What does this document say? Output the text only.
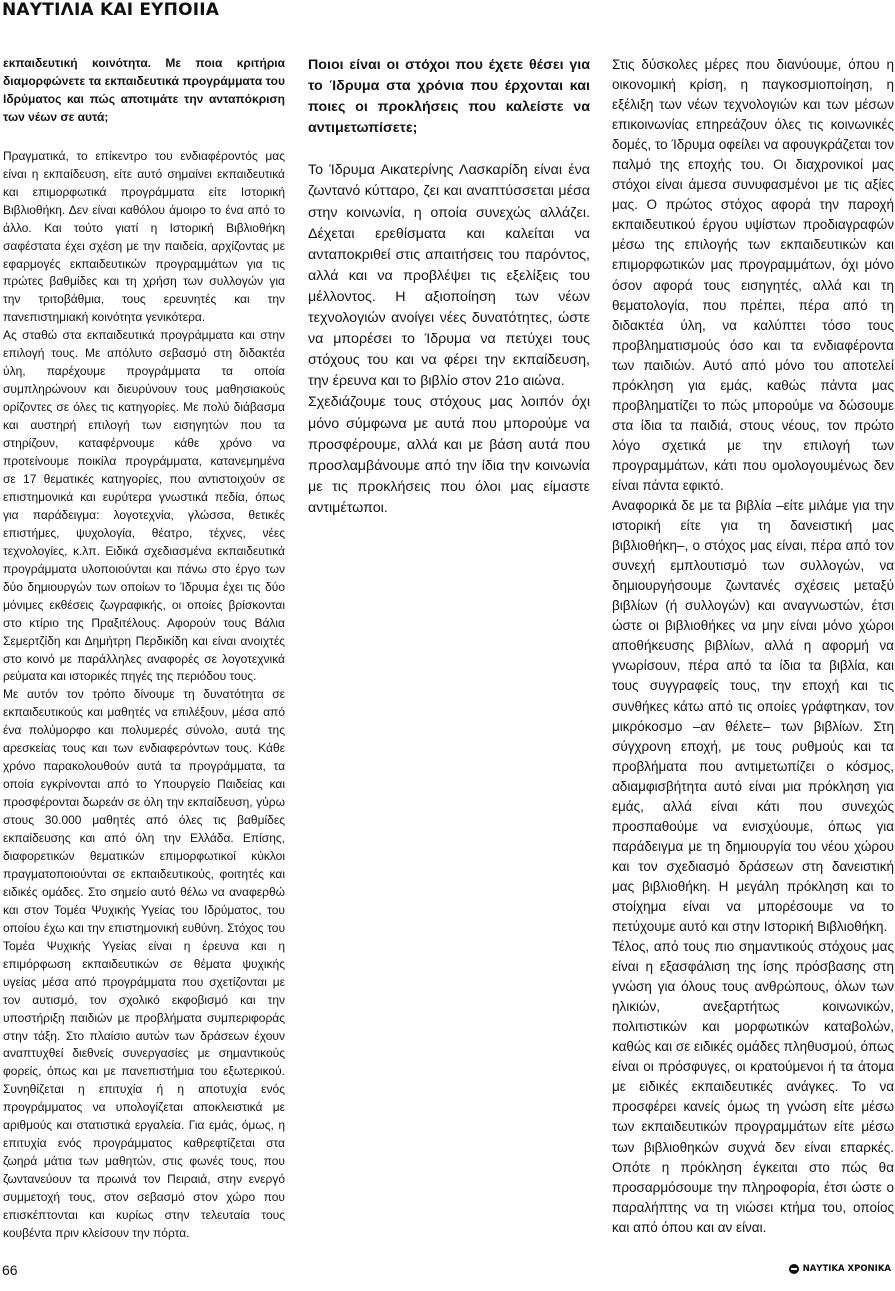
ΝΑΥΤΙΛΙΑ ΚΑΙ ΕΥΠΟΙΙΑ

εκπαιδευτική κοινότητα. Με ποια κριτήρια διαμορφώνετε τα εκπαιδευτικά προγράμματα του Ιδρύματος και πώς αποτιμάτε την ανταπόκριση των νέων σε αυτά;

Πραγματικά, το επίκεντρο του ενδιαφέροντός μας είναι η εκπαίδευση, είτε αυτό σημαίνει εκπαιδευτικά και επιμορφωτικά προγράμματα είτε Ιστορική Βιβλιοθήκη. Δεν είναι καθόλου άμοιρο το ένα από το άλλο. Και τούτο γιατί η Ιστορική Βιβλιοθήκη σαφέστατα έχει σχέση με την παιδεία, αρχίζοντας με εφαρμογές εκπαιδευτικών προγραμμάτων για τις πρώτες βαθμίδες και τη χρήση των συλλογών για την τριτοβάθμια, τους ερευνητές και την πανεπιστημιακή κοινότητα γενικότερα.

Ας σταθώ στα εκπαιδευτικά προγράμματα και στην επιλογή τους. Με απόλυτο σεβασμό στη διδακτέα ύλη, παρέχουμε προγράμματα τα οποία συμπληρώνουν και διευρύνουν τους μαθησιακούς ορίζοντες σε όλες τις κατηγορίες. Με πολύ διάβασμα και αυστηρή επιλογή των εισηγητών που τα στηρίζουν, καταφέρνουμε κάθε χρόνο να προτείνουμε ποικίλα προγράμματα, κατανεμημένα σε 17 θεματικές κατηγορίες, που αντιστοιχούν σε επιστημονικά και ευρύτερα γνωστικά πεδία, όπως για παράδειγμα: λογοτεχνία, γλώσσα, θετικές επιστήμες, ψυχολογία, θέατρο, τέχνες, νέες τεχνολογίες, κ.λπ. Ειδικά σχεδιασμένα εκπαιδευτικά προγράμματα υλοποιούνται και πάνω στο έργο των δύο δημιουργών των οποίων το Ίδρυμα έχει τις δύο μόνιμες εκθέσεις ζωγραφικής, οι οποίες βρίσκονται στο κτίριο της Πραξιτέλους. Αφορούν τους Βάλια Σεμερτζίδη και Δημήτρη Περδικίδη και είναι ανοιχτές στο κοινό με παράλληλες αναφορές σε λογοτεχνικά ρεύματα και ιστορικές πηγές της περιόδου τους.

Με αυτόν τον τρόπο δίνουμε τη δυνατότητα σε εκπαιδευτικούς και μαθητές να επιλέξουν, μέσα από ένα πολύμορφο και πολυμερές σύνολο, αυτά της αρεσκείας τους και των ενδιαφερόντων τους. Κάθε χρόνο παρακολουθούν αυτά τα προγράμματα, τα οποία εγκρίνονται από το Υπουργείο Παιδείας και προσφέρονται δωρεάν σε όλη την εκπαίδευση, γύρω στους 30.000 μαθητές από όλες τις βαθμίδες εκπαίδευσης και από όλη την Ελλάδα. Επίσης, διαφορετικών θεματικών επιμορφωτικοί κύκλοι πραγματοποιούνται σε εκπαιδευτικούς, φοιτητές και ειδικές ομάδες. Στο σημείο αυτό θέλω να αναφερθώ και στον Τομέα Ψυχικής Υγείας του Ιδρύματος, του οποίου έχω και την επιστημονική ευθύνη. Στόχος του Τομέα Ψυχικής Υγείας είναι η έρευνα και η επιμόρφωση εκπαιδευτικών σε θέματα ψυχικής υγείας μέσα από προγράμματα που σχετίζονται με τον αυτισμό, τον σχολικό εκφοβισμό και την υποστήριξη παιδιών με προβλήματα συμπεριφοράς στην τάξη. Στο πλαίσιο αυτών των δράσεων έχουν αναπτυχθεί διεθνείς συνεργασίες με σημαντικούς φορείς, όπως και με πανεπιστήμια του εξωτερικού. Συνηθίζεται η επιτυχία ή η αποτυχία ενός προγράμματος να υπολογίζεται αποκλειστικά με αριθμούς και στατιστικά εργαλεία. Για εμάς, όμως, η επιτυχία ενός προγράμματος καθρεφτίζεται στα ζωηρά μάτια των μαθητών, στις φωνές τους, που ζωντανεύουν τα πρωινά τον Πειραιά, στην ενεργό συμμετοχή τους, στον σεβασμό στον χώρο που επισκέπτονται και κυρίως στην τελευταία τους κουβέντα πριν κλείσουν την πόρτα.

Ποιοι είναι οι στόχοι που έχετε θέσει για το Ίδρυμα στα χρόνια που έρχονται και ποιες οι προκλήσεις που καλείστε να αντιμετωπίσετε;

Το Ίδρυμα Αικατερίνης Λασκαρίδη είναι ένα ζωντανό κύτταρο, ζει και αναπτύσσεται μέσα στην κοινωνία, η οποία συνεχώς αλλάζει. Δέχεται ερεθίσματα και καλείται να ανταποκριθεί στις απαιτήσεις του παρόντος, αλλά και να προβλέψει τις εξελίξεις του μέλλοντος. Η αξιοποίηση των νέων τεχνολογιών ανοίγει νέες δυνατότητες, ώστε να μπορέσει το Ίδρυμα να πετύχει τους στόχους του και να φέρει την εκπαίδευση, την έρευνα και το βιβλίο στον 21ο αιώνα.

Σχεδιάζουμε τους στόχους μας λοιπόν όχι μόνο σύμφωνα με αυτά που μπορούμε να προσφέρουμε, αλλά και με βάση αυτά που προσλαμβάνουμε από την ίδια την κοινωνία με τις προκλήσεις που όλοι μας είμαστε αντιμέτωποι.

Στις δύσκολες μέρες που διανύουμε, όπου η οικονομική κρίση, η παγκοσμιοποίηση, η εξέλιξη των νέων τεχνολογιών και των μέσων επικοινωνίας επηρεάζουν όλες τις κοινωνικές δομές, το Ίδρυμα οφείλει να αφουγκράζεται τον παλμό της εποχής του. Οι διαχρονικοί μας στόχοι είναι άμεσα συνυφασμένοι με τις αξίες μας. Ο πρώτος στόχος αφορά την παροχή εκπαιδευτικού έργου υψίστων προδιαγραφών μέσω της επιλογής των εκπαιδευτικών και επιμορφωτικών μας προγραμμάτων, όχι μόνο όσον αφορά τους εισηγητές, αλλά και τη θεματολογία, που πρέπει, πέρα από τη διδακτέα ύλη, να καλύπτει τόσο τους προβληματισμούς όσο και τα ενδιαφέροντα των παιδιών. Αυτό από μόνο του αποτελεί πρόκληση για εμάς, καθώς πάντα μας προβληματίζει το πώς μπορούμε να δώσουμε στα ίδια τα παιδιά, στους νέους, τον πρώτο λόγο σχετικά με την επιλογή των προγραμμάτων, κάτι που ομολογουμένως δεν είναι πάντα εφικτό.

Αναφορικά δε με τα βιβλία –είτε μιλάμε για την ιστορική είτε για τη δανειστική μας βιβλιοθήκη–, ο στόχος μας είναι, πέρα από τον συνεχή εμπλουτισμό των συλλογών, να δημιουργήσουμε ζωντανές σχέσεις μεταξύ βιβλίων (ή συλλογών) και αναγνωστών, έτσι ώστε οι βιβλιοθήκες να μην είναι μόνο χώροι αποθήκευσης βιβλίων, αλλά η αφορμή να γνωρίσουν, πέρα από τα ίδια τα βιβλία, και τους συγγραφείς τους, την εποχή και τις συνθήκες κάτω από τις οποίες γράφτηκαν, τον μικρόκοσμο –αν θέλετε– των βιβλίων. Στη σύγχρονη εποχή, με τους ρυθμούς και τα προβλήματα που αντιμετωπίζει ο κόσμος, αδιαμφισβήτητα αυτό είναι μια πρόκληση για εμάς, αλλά είναι κάτι που συνεχώς προσπαθούμε να ενισχύουμε, όπως για παράδειγμα με τη δημιουργία του νέου χώρου και τον σχεδιασμό δράσεων στη δανειστική μας βιβλιοθήκη. Η μεγάλη πρόκληση και το στοίχημα είναι να μπορέσουμε να το πετύχουμε αυτό και στην Ιστορική Βιβλιοθήκη.

Τέλος, από τους πιο σημαντικούς στόχους μας είναι η εξασφάλιση της ίσης πρόσβασης στη γνώση για όλους τους ανθρώπους, όλων των ηλικιών, ανεξαρτήτως κοινωνικών, πολιτιστικών και μορφωτικών καταβολών, καθώς και σε ειδικές ομάδες πληθυσμού, όπως είναι οι πρόσφυγες, οι κρατούμενοι ή τα άτομα με ειδικές εκπαιδευτικές ανάγκες. Το να προσφέρει κανείς όμως τη γνώση είτε μέσω των εκπαιδευτικών προγραμμάτων είτε μέσω των βιβλιοθηκών συχνά δεν είναι επαρκές. Οπότε η πρόκληση έγκειται στο πώς θα προσαρμόσουμε την πληροφορία, έτσι ώστε ο παραλήπτης να τη νιώσει κτήμα του, οποίος και από όπου και αν είναι.

66	ΝΑΥΤΙΚΑ ΧΡΟΝΙΚΑ
